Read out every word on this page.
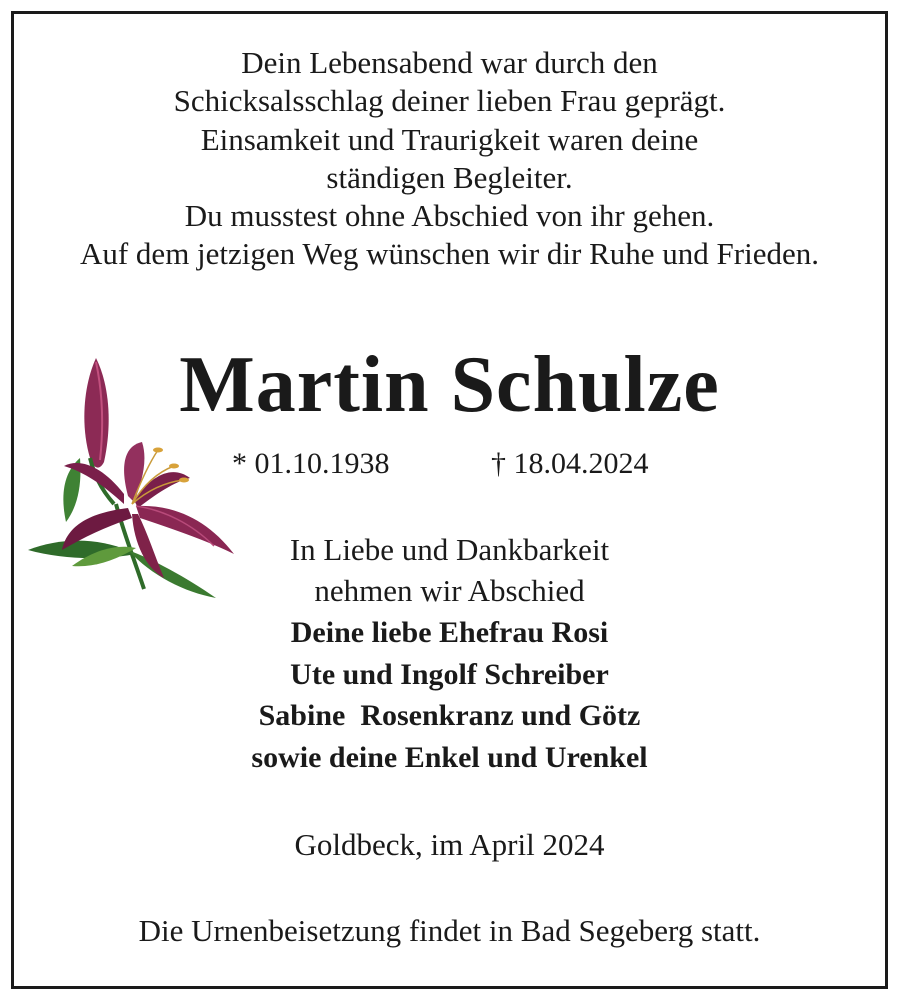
Dein Lebensabend war durch den
Schicksalsschlag deiner lieben Frau geprägt.
Einsamkeit und Traurigkeit waren deine
ständigen Begleiter.
Du musstest ohne Abschied von ihr gehen.
Auf dem jetzigen Weg wünschen wir dir Ruhe und Frieden.
Martin Schulze
* 01.10.1938	† 18.04.2024
In Liebe und Dankbarkeit
nehmen wir Abschied
Deine liebe Ehefrau Rosi
Ute und Ingolf Schreiber
Sabine  Rosenkranz und Götz
sowie deine Enkel und Urenkel
Goldbeck, im April 2024
Die Urnenbeisetzung findet in Bad Segeberg statt.
